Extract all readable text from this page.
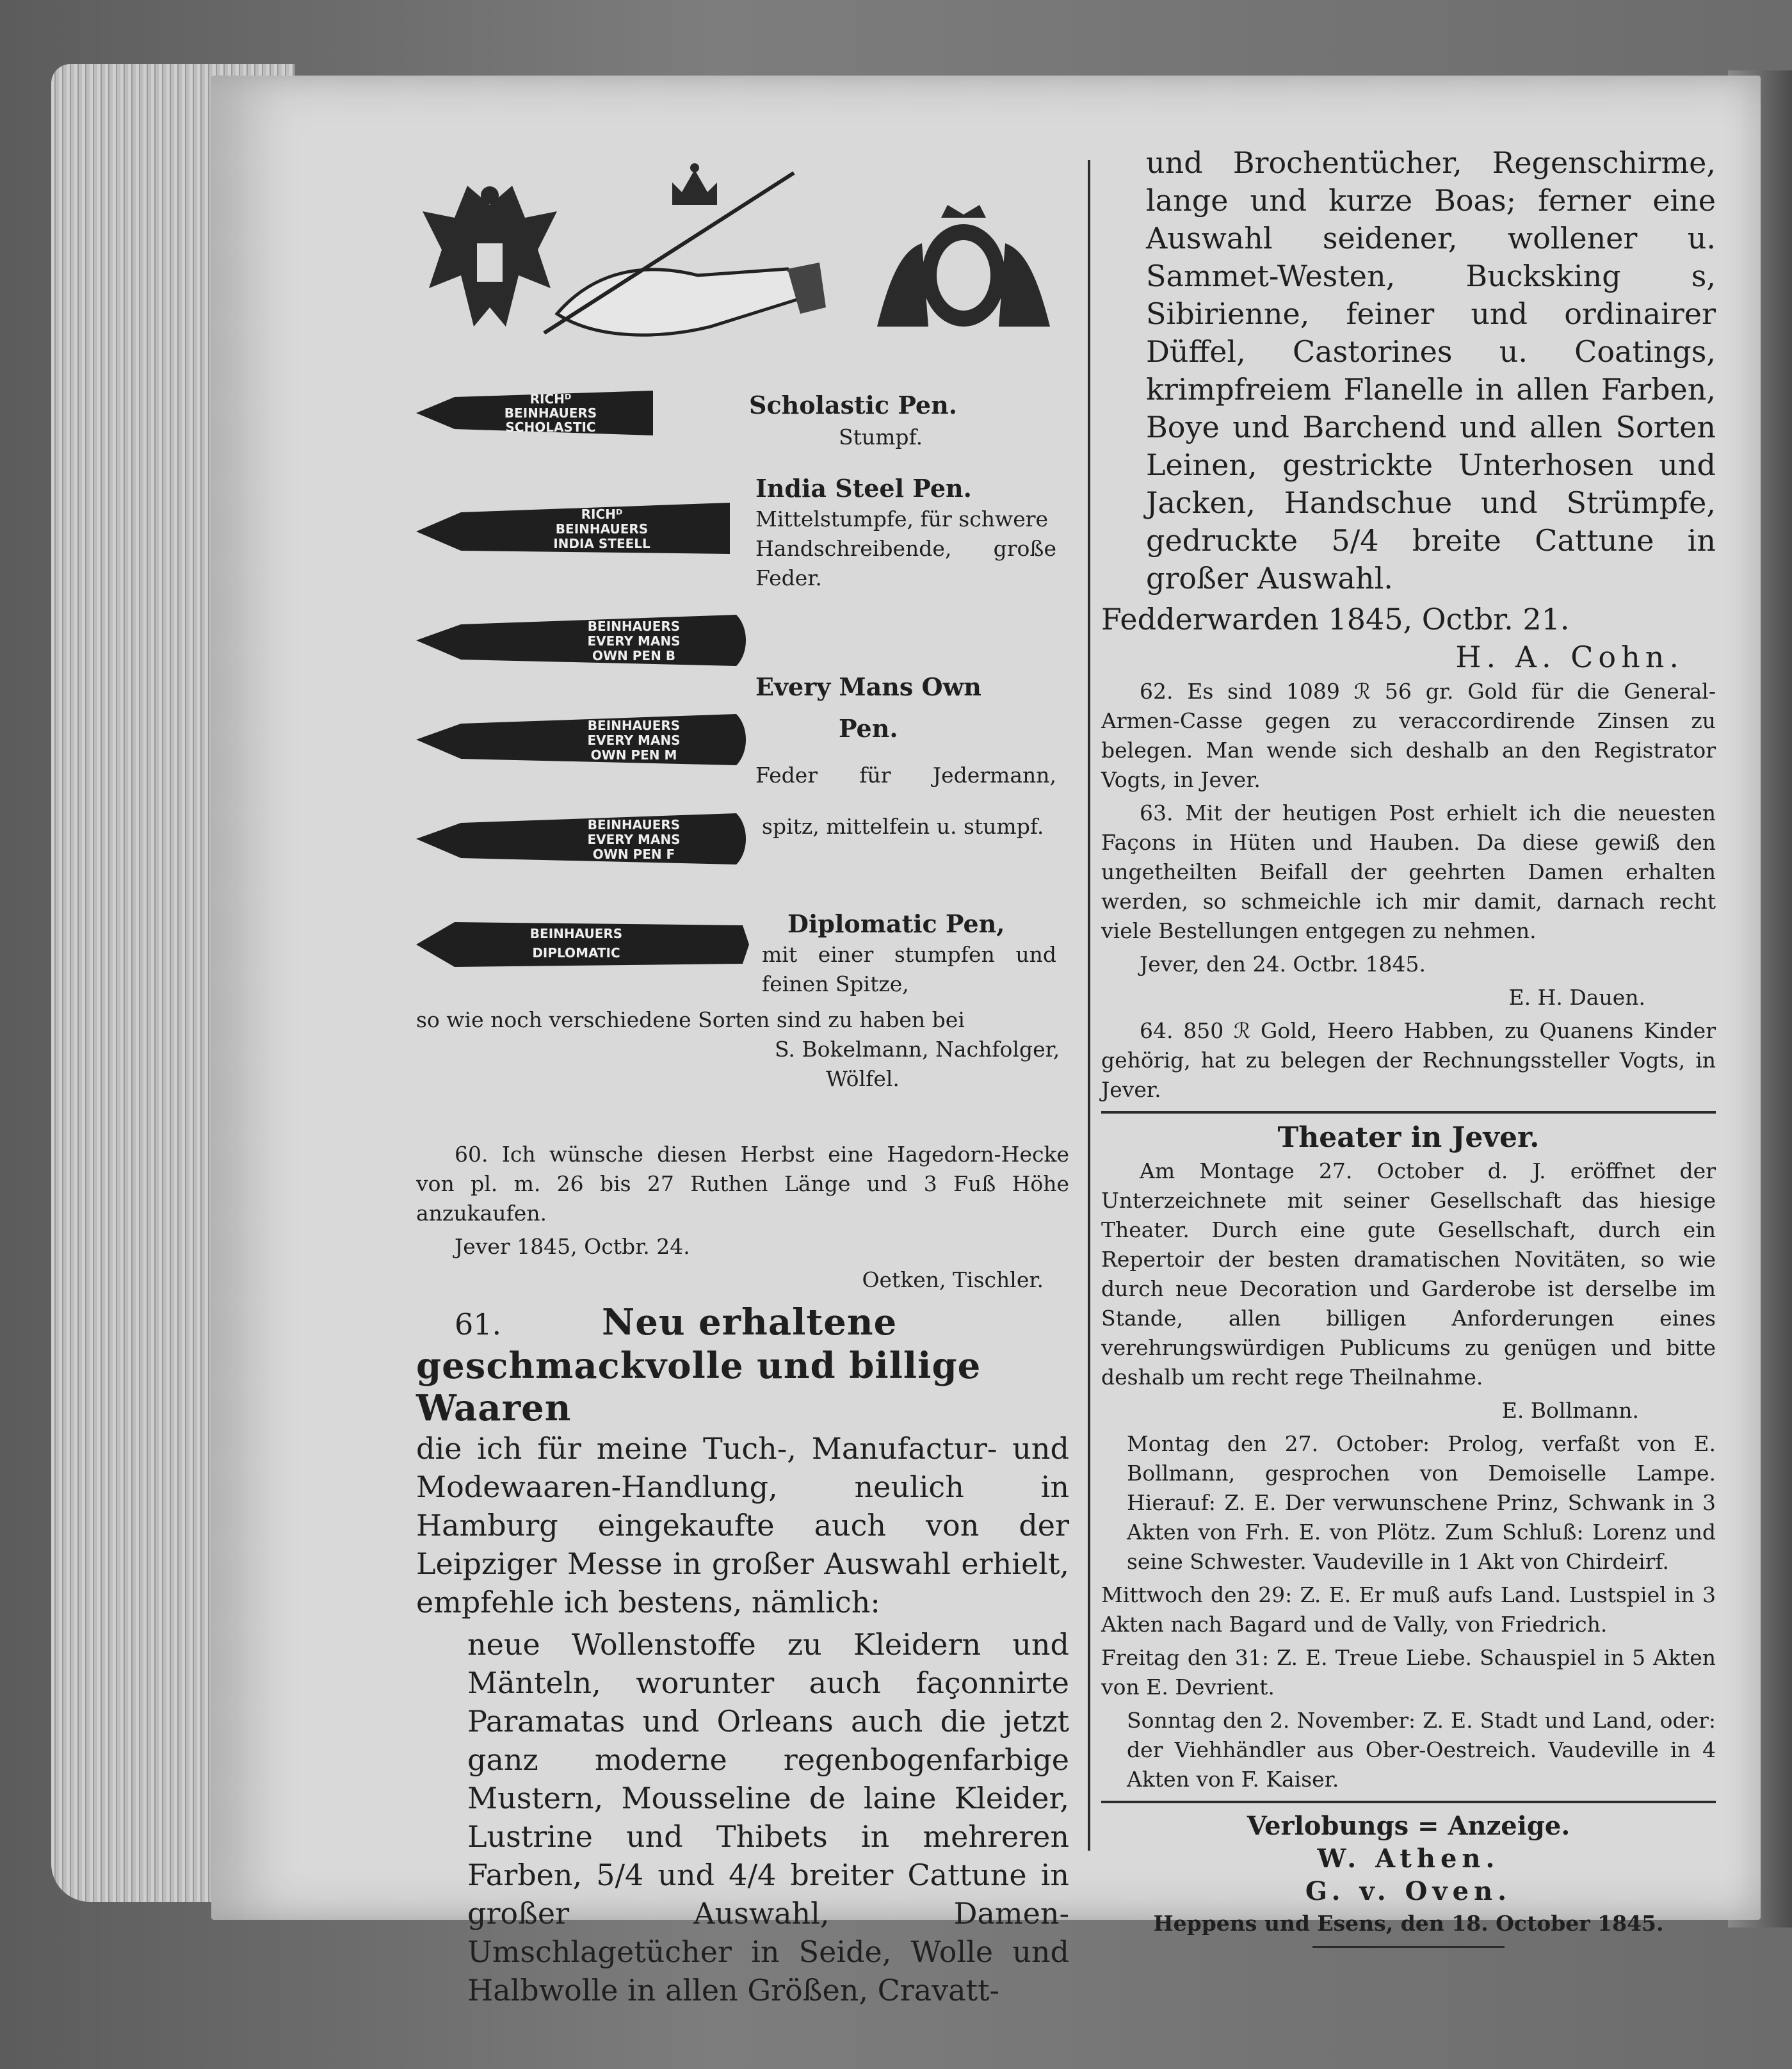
RICHᴰ
BEINHAUERS
SCHOLASTIC
Scholastic Pen.
Stumpf.
RICHᴰ
BEINHAUERS
INDIA STEELL
India Steel Pen.
Mittelstumpfe, für schwere
Handschreibende, große
Feder.
BEINHAUERS
EVERY MANS
OWN PEN B
Every Mans Own
BEINHAUERS
EVERY MANS
OWN PEN M
Pen.
Feder für Jedermann,
BEINHAUERS
EVERY MANS
OWN PEN F
spitz, mittelfein u. stumpf.
BEINHAUERS
DIPLOMATIC
Diplomatic Pen,
mit einer stumpfen und
feinen Spitze,
so wie noch verschiedene Sorten sind zu haben bei
S. Bokelmann, Nachfolger,
Wölfel.

60. Ich wünsche diesen Herbst eine Hagedorn-Hecke von pl. m. 26 bis 27 Ruthen Länge und 3 Fuß Höhe anzukaufen.

Jever 1845, Octbr. 24.

Oetken, Tischler.

61.	Neu erhaltene
geschmackvolle und billige Waaren

die ich für meine Tuch-, Manufactur- und Modewaaren-Handlung, neulich in Hamburg eingekaufte auch von der Leipziger Messe in großer Auswahl erhielt, empfehle ich bestens, nämlich:

neue Wollenstoffe zu Kleidern und Mänteln, worunter auch façonnirte Paramatas und Orleans auch die jetzt ganz moderne regenbogenfarbige Mustern, Mousseline de laine Kleider, Lustrine und Thibets in mehreren Farben, 5/4 und 4/4 breiter Cattune in großer Auswahl, Damen-Umschlagetücher in Seide, Wolle und Halbwolle in allen Größen, Cravatt-

und Brochentücher, Regenschirme, lange und kurze Boas; ferner eine Auswahl seidener, wollener u. Sammet-Westen, Bucksking s, Sibirienne, feiner und ordinairer Düffel, Castorines u. Coatings, krimpfreiem Flanelle in allen Farben, Boye und Barchend und allen Sorten Leinen, gestrickte Unterhosen und Jacken, Handschue und Strümpfe, gedruckte 5/4 breite Cattune in großer Auswahl.

Fedderwarden 1845, Octbr. 21.

H. A. Cohn.

62. Es sind 1089 ℛ 56 gr. Gold für die General-Armen-Casse gegen zu veraccordirende Zinsen zu belegen. Man wende sich deshalb an den Registrator Vogts, in Jever.

63. Mit der heutigen Post erhielt ich die neuesten Façons in Hüten und Hauben. Da diese gewiß den ungetheilten Beifall der geehrten Damen erhalten werden, so schmeichle ich mir damit, darnach recht viele Bestellungen entgegen zu nehmen.

Jever, den 24. Octbr. 1845.

E. H. Dauen.

64. 850 ℛ Gold, Heero Habben, zu Quanens Kinder gehörig, hat zu belegen der Rechnungssteller Vogts, in Jever.

Theater in Jever.

Am Montage 27. October d. J. eröffnet der Unterzeichnete mit seiner Gesellschaft das hiesige Theater. Durch eine gute Gesellschaft, durch ein Repertoir der besten dramatischen Novitäten, so wie durch neue Decoration und Garderobe ist derselbe im Stande, allen billigen Anforderungen eines verehrungswürdigen Publicums zu genügen und bitte deshalb um recht rege Theilnahme.

E. Bollmann.

Montag den 27. October: Prolog, verfaßt von E. Bollmann, gesprochen von Demoiselle Lampe. Hierauf: Z. E. Der verwunschene Prinz, Schwank in 3 Akten von Frh. E. von Plötz. Zum Schluß: Lorenz und seine Schwester. Vaudeville in 1 Akt von Chirdeirf.

Mittwoch den 29: Z. E. Er muß aufs Land. Lustspiel in 3 Akten nach Bagard und de Vally, von Friedrich.

Freitag den 31: Z. E. Treue Liebe. Schauspiel in 5 Akten von E. Devrient.

Sonntag den 2. November: Z. E. Stadt und Land, oder: der Viehhändler aus Ober-Oestreich. Vaudeville in 4 Akten von F. Kaiser.

Verlobungs = Anzeige.
W. Athen.
G. v. Oven.

Heppens und Esens, den 18. October 1845.
